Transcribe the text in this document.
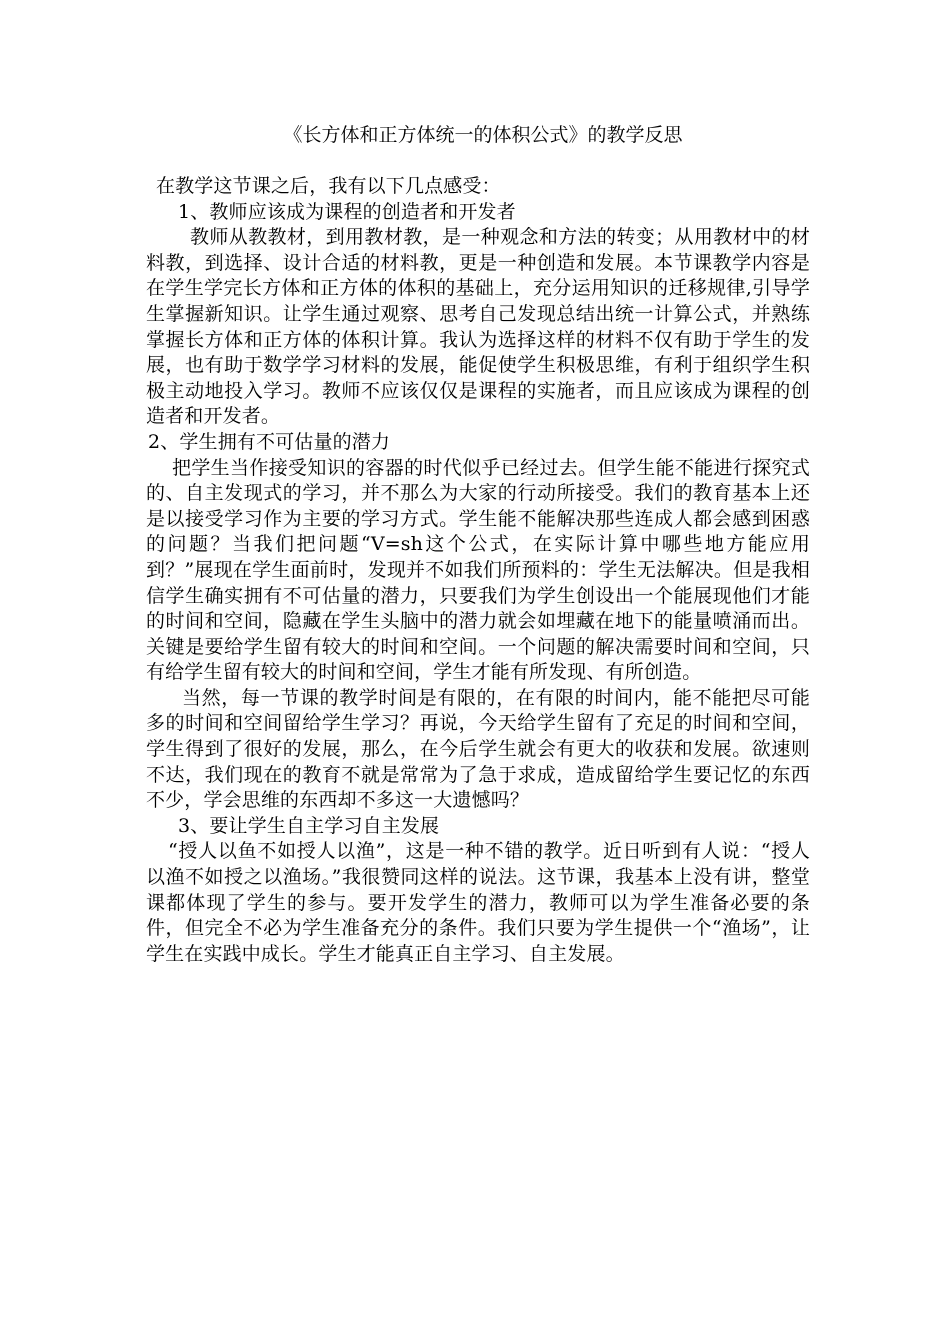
《长方体和正方体统一的体积公式》的教学反思

在教学这节课之后，我有以下几点感受：

1、教师应该成为课程的创造者和开发者

教师从教教材，到用教材教，是一种观念和方法的转变；从用教材中的材料教，到选择、设计合适的材料教，更是一种创造和发展。本节课教学内容是在学生学完长方体和正方体的体积的基础上，充分运用知识的迁移规律,引导学生掌握新知识。让学生通过观察、思考自己发现总结出统一计算公式，并熟练掌握长方体和正方体的体积计算。我认为选择这样的材料不仅有助于学生的发展，也有助于数学学习材料的发展，能促使学生积极思维，有利于组织学生积极主动地投入学习。教师不应该仅仅是课程的实施者，而且应该成为课程的创造者和开发者。

2、学生拥有不可估量的潜力

把学生当作接受知识的容器的时代似乎已经过去。但学生能不能进行探究式的、自主发现式的学习，并不那么为大家的行动所接受。我们的教育基本上还是以接受学习作为主要的学习方式。学生能不能解决那些连成人都会感到困惑的问题？当我们把问题“V=sh这个公式，在实际计算中哪些地方能应用到？”展现在学生面前时，发现并不如我们所预料的：学生无法解决。但是我相信学生确实拥有不可估量的潜力，只要我们为学生创设出一个能展现他们才能的时间和空间，隐藏在学生头脑中的潜力就会如埋藏在地下的能量喷涌而出。关键是要给学生留有较大的时间和空间。一个问题的解决需要时间和空间，只有给学生留有较大的时间和空间，学生才能有所发现、有所创造。

当然，每一节课的教学时间是有限的，在有限的时间内，能不能把尽可能多的时间和空间留给学生学习？再说，今天给学生留有了充足的时间和空间，学生得到了很好的发展，那么，在今后学生就会有更大的收获和发展。欲速则不达，我们现在的教育不就是常常为了急于求成，造成留给学生要记忆的东西不少，学会思维的东西却不多这一大遗憾吗？

3、要让学生自主学习自主发展

“授人以鱼不如授人以渔”，这是一种不错的教学。近日听到有人说：“授人以渔不如授之以渔场。”我很赞同这样的说法。这节课，我基本上没有讲，整堂课都体现了学生的参与。要开发学生的潜力，教师可以为学生准备必要的条件，但完全不必为学生准备充分的条件。我们只要为学生提供一个“渔场”，让学生在实践中成长。学生才能真正自主学习、自主发展。
